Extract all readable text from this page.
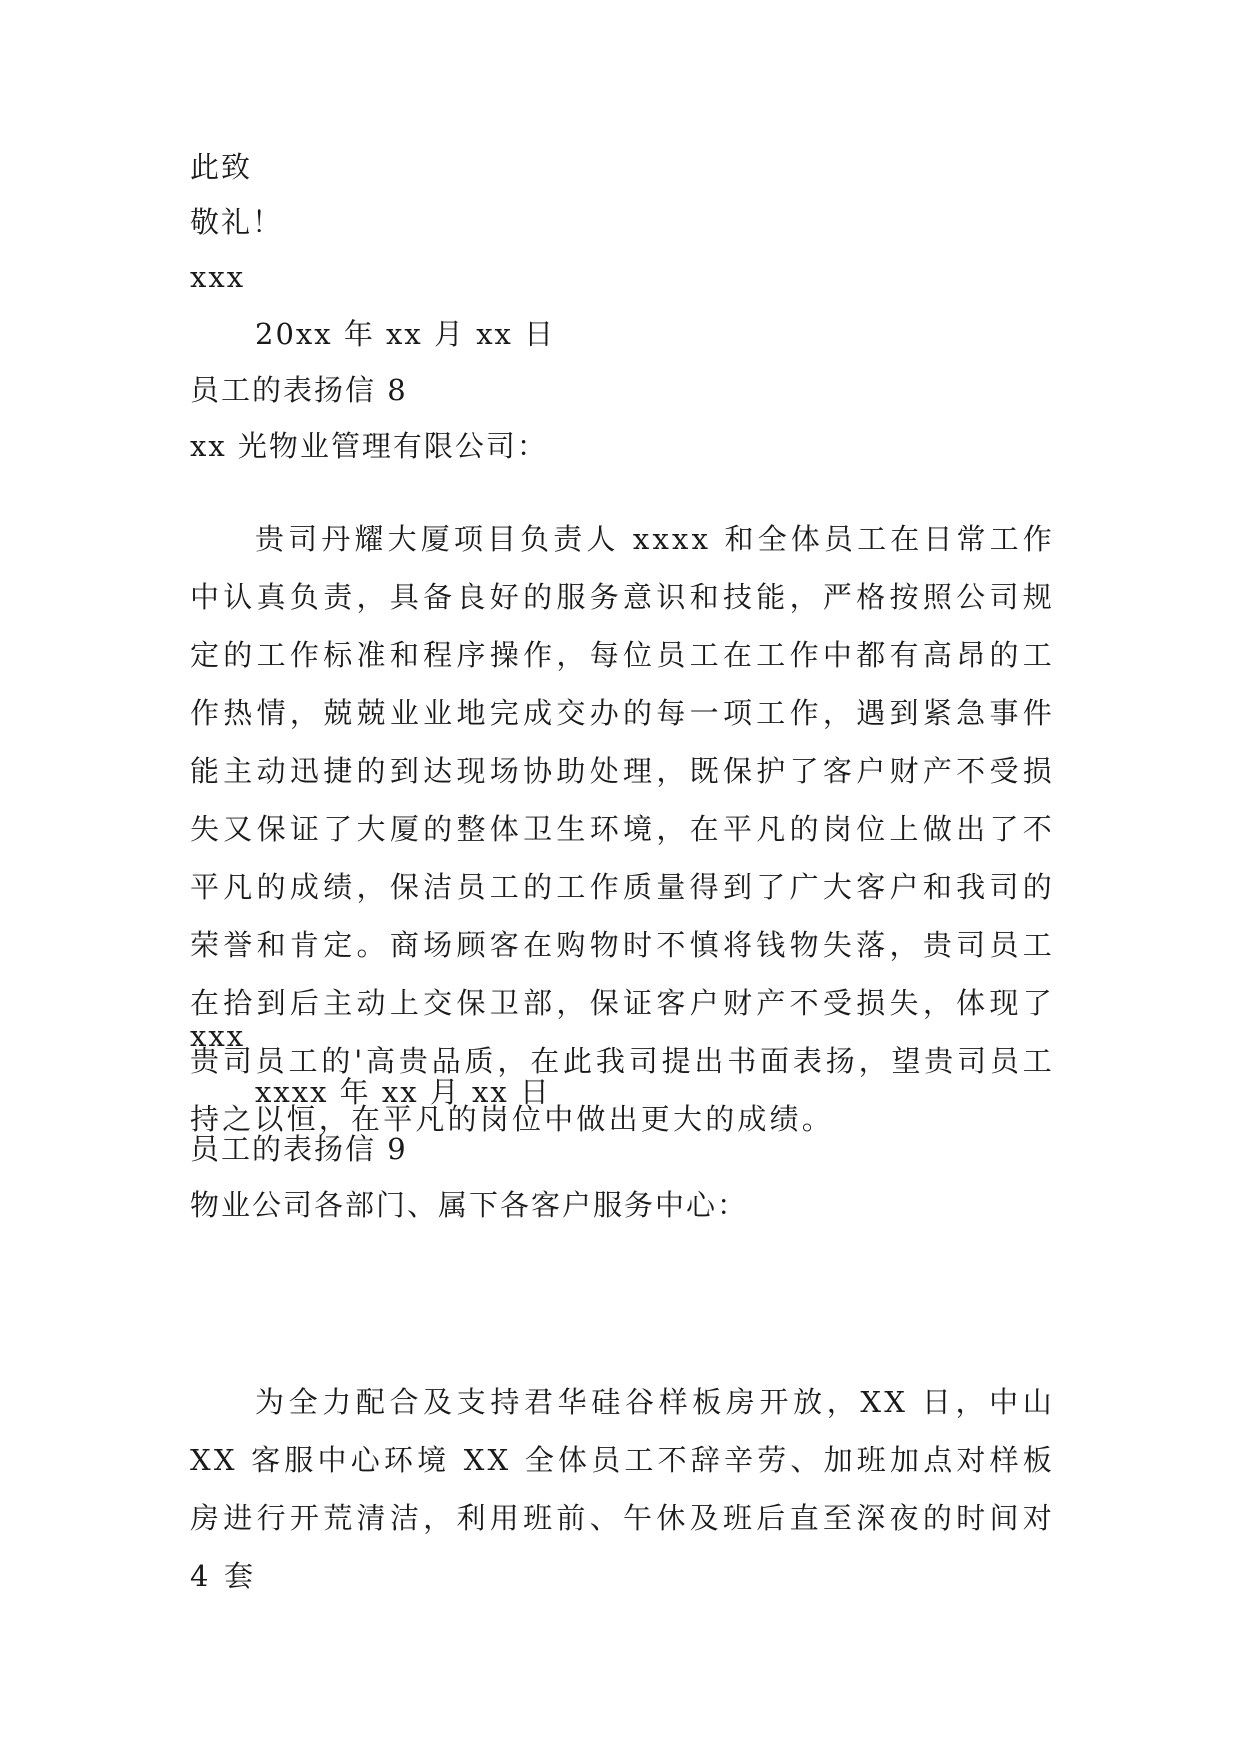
此致
敬礼！
xxx
20xx 年 xx 月 xx 日
员工的表扬信 8
xx 光物业管理有限公司：
贵司丹耀大厦项目负责人 xxxx 和全体员工在日常工作中认真负责，具备良好的服务意识和技能，严格按照公司规定的工作标准和程序操作，每位员工在工作中都有高昂的工作热情，兢兢业业地完成交办的每一项工作，遇到紧急事件能主动迅捷的到达现场协助处理，既保护了客户财产不受损失又保证了大厦的整体卫生环境，在平凡的岗位上做出了不平凡的成绩，保洁员工的工作质量得到了广大客户和我司的荣誉和肯定。商场顾客在购物时不慎将钱物失落，贵司员工在拾到后主动上交保卫部，保证客户财产不受损失，体现了贵司员工的'高贵品质，在此我司提出书面表扬，望贵司员工持之以恒，在平凡的岗位中做出更大的成绩。
xxx
xxxx 年 xx 月 xx 日
员工的表扬信 9
物业公司各部门、属下各客户服务中心：
为全力配合及支持君华硅谷样板房开放，XX 日，中山 XX 客服中心环境 XX 全体员工不辞辛劳、加班加点对样板房进行开荒清洁，利用班前、午休及班后直至深夜的时间对 4 套
